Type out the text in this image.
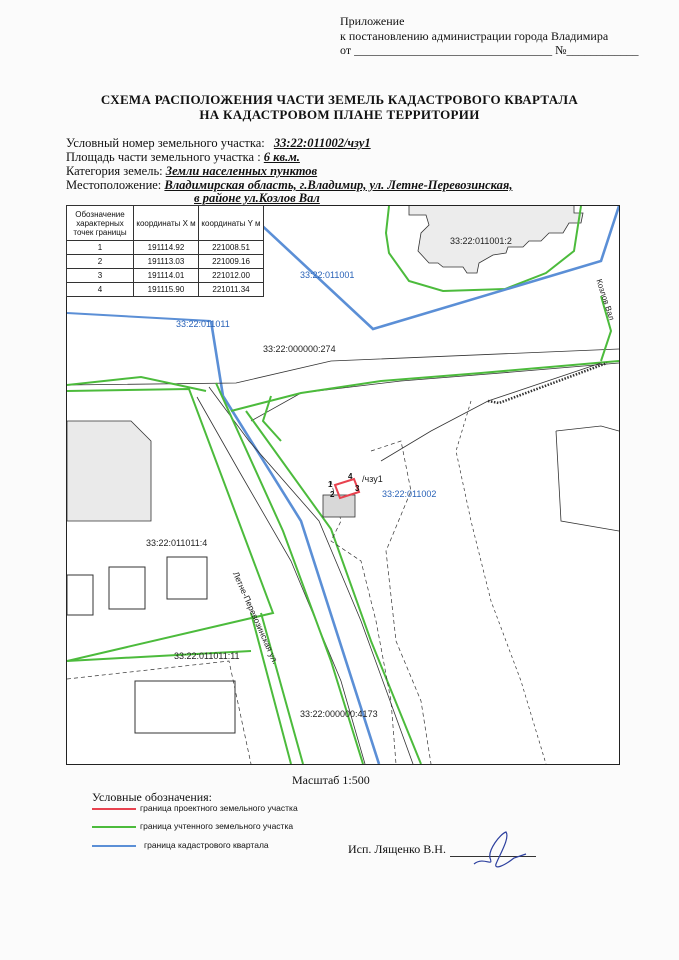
Приложение
к постановлению администрации города Владимира
от _________________________________ №____________
СХЕМА РАСПОЛОЖЕНИЯ ЧАСТИ ЗЕМЕЛЬ КАДАСТРОВОГО КВАРТАЛА
НА КАДАСТРОВОМ ПЛАНЕ ТЕРРИТОРИИ
Условный номер земельного участка: 33:22:011002/чзу1
Площадь части земельного участка : 6 кв.м.
Категория земель: Земли населенных пунктов
Местоположение: Владимирская область, г.Владимир, ул. Летне-Перевозинская,
в районе ул.Козлов Вал
Обозначение характерных точек границы	координаты X м	координаты Y м
1	191114.92	221008.51
2	191113.03	221009.16
3	191114.01	221012.00
4	191115.90	221011.34
33:22:011001:2
33:22:011001
33:22:011011
33:22:000000:274
33:22:011002
/чзу1
33:22:011011:4
33:22:011011:11
33:22:000000:4173
Летне-Перевозинская ул.
Козлов Вал
1
2
3
4
Масштаб 1:500
Условные обозначения:
граница проектного земельного участка
граница учтенного земельного участка
граница кадастрового квартала	Исп. Лященко В.Н.
